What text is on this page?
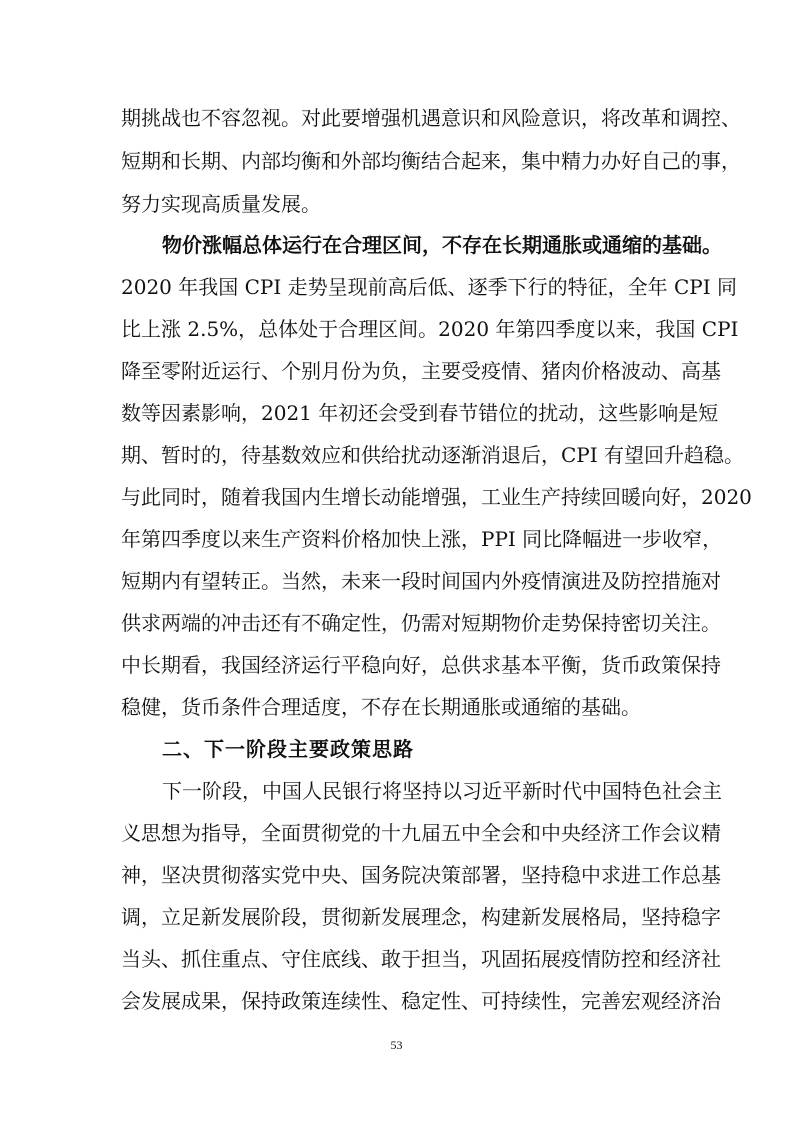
期挑战也不容忽视。对此要增强机遇意识和风险意识，将改革和调控、
短期和长期、内部均衡和外部均衡结合起来，集中精力办好自己的事，
努力实现高质量发展。
物价涨幅总体运行在合理区间，不存在长期通胀或通缩的基础。
2020 年我国 CPI 走势呈现前高后低、逐季下行的特征，全年 CPI 同
比上涨 2.5%，总体处于合理区间。2020 年第四季度以来，我国 CPI
降至零附近运行、个别月份为负，主要受疫情、猪肉价格波动、高基
数等因素影响，2021 年初还会受到春节错位的扰动，这些影响是短
期、暂时的，待基数效应和供给扰动逐渐消退后，CPI 有望回升趋稳。
与此同时，随着我国内生增长动能增强，工业生产持续回暖向好，2020
年第四季度以来生产资料价格加快上涨，PPI 同比降幅进一步收窄，
短期内有望转正。当然，未来一段时间国内外疫情演进及防控措施对
供求两端的冲击还有不确定性，仍需对短期物价走势保持密切关注。
中长期看，我国经济运行平稳向好，总供求基本平衡，货币政策保持
稳健，货币条件合理适度，不存在长期通胀或通缩的基础。
二、下一阶段主要政策思路
下一阶段，中国人民银行将坚持以习近平新时代中国特色社会主
义思想为指导，全面贯彻党的十九届五中全会和中央经济工作会议精
神，坚决贯彻落实党中央、国务院决策部署，坚持稳中求进工作总基
调，立足新发展阶段，贯彻新发展理念，构建新发展格局，坚持稳字
当头、抓住重点、守住底线、敢于担当，巩固拓展疫情防控和经济社
会发展成果，保持政策连续性、稳定性、可持续性，完善宏观经济治
53
